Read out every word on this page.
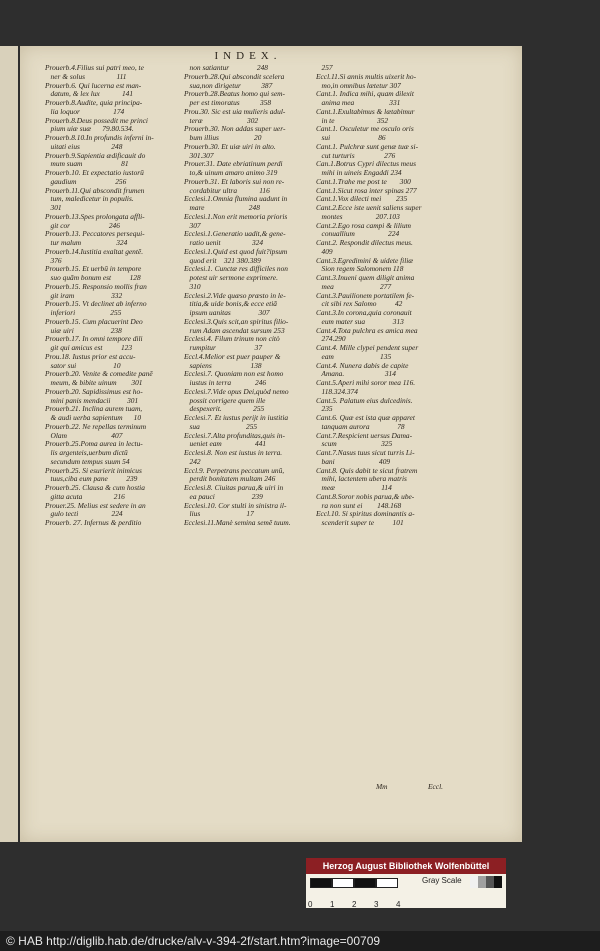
INDEX.
Prouerb.4.Filius sui patri meo, te
ner & solus                 111
Prouerb.6. Qui lucerna est man-
datum, & lex lux            141
Prouerb.8.Audite, quia principa-
lia loquor                  174
Prouerb.8.Deus possedit me princi
pium uiæ suæ      79.80.534.
Prouerb.8.10.In profundis inferni in-
uitati eius                 248
Prouerb.9.Sapientia ædificauit do
mum suam                     81
Prouerb.10. Et expectatio iustorū
gaudium                     256
Prouerb.11.Qui abscondit frumen
tum, maledicetur in populis.
301
Prouerb.13.Spes prolongata affli-
git cor                     246
Prouerb.13. Peccatores persequi-
tur malum                   324
Prouerb.14.Iustitia exaltat gentē.
376
Prouerb.15. Et uerbū in tempore
suo quām bonum est          128
Prouerb.15. Responsio mollis fran
git iram                    332
Prouerb.15. Vt declinet ab inferno
inferiori                   255
Prouerb.15. Cum placuerint Deo
uiæ uiri                    238
Prouerb.17. In omni tempore dili
git qui amicus est          123
Prou.18. Iustus prior est accu-
sator sui                    10
Prouerb.20. Venite & comedite panē
meum, & bibite uinum        301
Prouerb.20. Sapidissimus est ho-
mini panis mendacii         301
Prouerb.21. Inclina aurem tuam,
& audi uerba sapientum      10
Prouerb.22. Ne repellas terminum
Olam                        407
Prouerb.25.Poma aurea in lectu-
lis argenteis,uerbum dictū
secundum tempus suum 54
Prouerb.25. Si esurierit inimicus
tuus,ciba eum pane          239
Prouerb.25. Clausa & cum hostia
gitta acuta                 216
Prouer.25. Melius est sedere in an
gulo tecti                  224
Prouerb. 27. Infernus & perditio
non satiantur               248
Prouerb.28.Qui abscondit scelera
sua,non dirigetur           387
Prouerb.28.Beatus homo qui sem-
per est timoratus           358
Prou.30. Sic est uia mulieris adul-
teræ                        302
Prouerb.30. Non addas super uer-
bum illius                   20
Prouerb.30. Et uiæ uiri in alto.
301.307
Prouer.31. Date ebriatinum perdi
to,& uinum amaro animo 319
Prouerb.31. Et laboris sui non re-
cordabitur ultra            116
Ecclesi.1.Omnia flumina uadunt in
mare                        248
Ecclesi.1.Non erit memoria prioris
307
Ecclesi.1.Generatio uadit,& gene-
ratio uenit                 324
Ecclesi.1.Quid est quod fuit?ipsum
quod erit    321 380.389
Ecclesi.1. Cunctæ res difficiles non
potest uir sermone exprimere.
310
Ecclesi.2.Vide quæso præsto in le-
titia,& uide bonis,& ecce etiā
ipsum uanitas               307
Ecclesi.3.Quis scit,an spiritus filio-
rum Adam ascendat sursum 253
Ecclesi.4. Filum trinum non citò
rumpitur                     37
Eccl.4.Melior est puer pauper &
sapiens                     138
Ecclesi.7. Quoniam non est homo
iustus in terra             246
Ecclesi.7.Vide opus Dei,quòd nemo
possit corrigere quem ille
despexerit.                 255
Ecclesi.7. Et iustus perijt in iustitia
sua                         255
Ecclesi.7.Alta profunditas,quis in-
ueniet eam                  441
Ecclesi.8. Non est iustus in terra.
242
Eccl.9. Perpetrans peccatum unū,
perdit bonitatem multam 246
Ecclesi.8. Ciuitas parua,& uiri in
ea pauci                    239
Ecclesi.10. Cor stulti in sinistra il-
lius                         17
Ecclesi.11.Manè semina semē tuum.
257
Eccl.11.Si annis multis uixerit ho-
mo,in omnibus lætetur 307
Cant.1. Indica mihi, quam dilexit
anima mea                   331
Cant.1.Exultabimus & lætabimur
in te                       352
Cant.1. Osculetur me osculo oris
sui                          86
Cant.1. Pulchræ sunt genæ tuæ si-
cut turturis                276
Can.1.Botrus Cypri dilectus meus
mihi in uineis Engaddi 234
Cant.1.Trahe me post te       300
Cant.1.Sicut rosa inter spinas 277
Cant.1.Vox dilecti mei        235
Cant.2.Ecce iste uenit saliens super
montes                  207.103
Cant.2.Ego rosa campi & lilium
conuallium                  224
Cant.2. Respondit dilectus meus.
409
Cant.3.Egredimini & uidete filiæ
Sion regem Salomonem 118
Cant.3.Inueni quem diligit anima
mea                         277
Cant.3.Pauilionem portatilem fe-
cit sibi rex Salomo          42
Cant.3.In corona,quia coronauit
eum mater sua               313
Cant.4.Tota pulchra es amica mea
274.290
Cant.4. Mille clypei pendent super
eam                         135
Cant.4. Nunera dabis de capite
Amana.                      314
Cant.5.Aperi mihi soror mea 116.
118.324.374
Cant.5. Palatum eius dulcedinis.
235
Cant.6. Quæ est ista quæ apparet
tanquam aurora               78
Cant.7.Respicient uersus Dama-
scum                        325
Cant.7.Nasus tuus sicut turris Li-
bani                        409
Cant.8. Quis dabit te sicut fratrem
mihi, lactentem ubera matris
meæ                         114
Cant.8.Soror nobis parua,& ube-
ra non sunt ei        148.168
Eccl.10. Si spiritus dominantis a-
scenderit super te          101
Mm	Eccl.
Herzog August Bibliothek Wolfenbüttel
0 1 2 3 4
Gray Scale
© HAB http://diglib.hab.de/drucke/alv-v-394-2f/start.htm?image=00709
